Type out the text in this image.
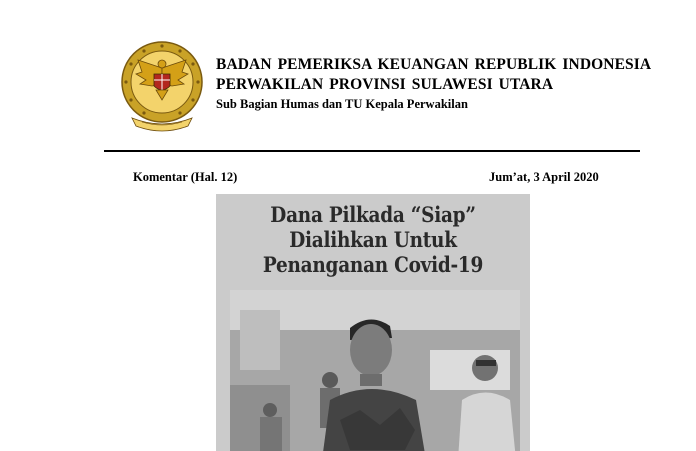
BADAN PEMERIKSA KEUANGAN REPUBLIK INDONESIA
PERWAKILAN PROVINSI SULAWESI UTARA
Sub Bagian Humas dan TU Kepala Perwakilan
Komentar (Hal. 12)	Jum’at, 3 April 2020
Dana Pilkada “Siap”
Dialihkan Untuk
Penanganan Covid-19
